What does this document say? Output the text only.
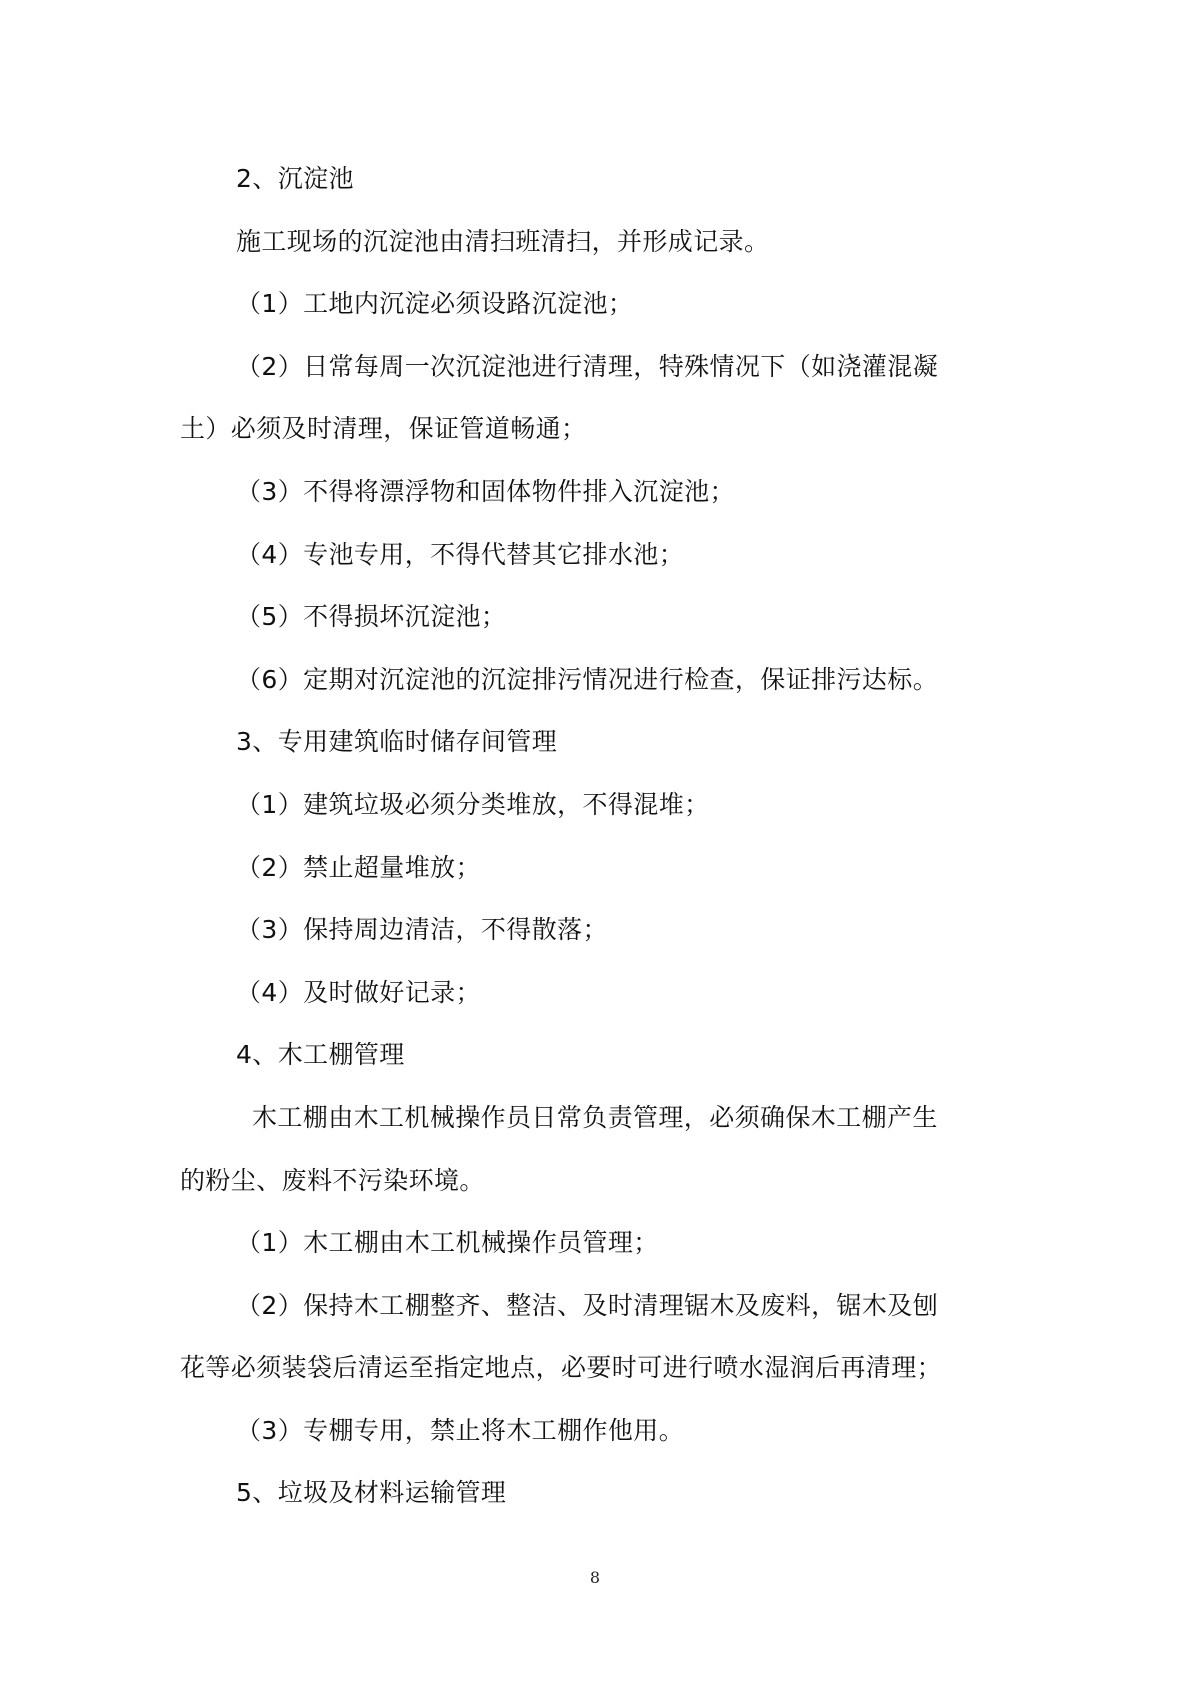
2、沉淀池
施工现场的沉淀池由清扫班清扫，并形成记录。
（1）工地内沉淀必须设路沉淀池；
（2）日常每周一次沉淀池进行清理，特殊情况下（如浇灌混凝
土）必须及时清理，保证管道畅通；
（3）不得将漂浮物和固体物件排入沉淀池；
（4）专池专用，不得代替其它排水池；
（5）不得损坏沉淀池；
（6）定期对沉淀池的沉淀排污情况进行检查，保证排污达标。
3、专用建筑临时储存间管理
（1）建筑垃圾必须分类堆放，不得混堆；
（2）禁止超量堆放；
（3）保持周边清洁，不得散落；
（4）及时做好记录；
4、木工棚管理
木工棚由木工机械操作员日常负责管理，必须确保木工棚产生
的粉尘、废料不污染环境。
（1）木工棚由木工机械操作员管理；
（2）保持木工棚整齐、整洁、及时清理锯木及废料，锯木及刨
花等必须装袋后清运至指定地点，必要时可进行喷水湿润后再清理；
（3）专棚专用，禁止将木工棚作他用。
5、垃圾及材料运输管理
8
